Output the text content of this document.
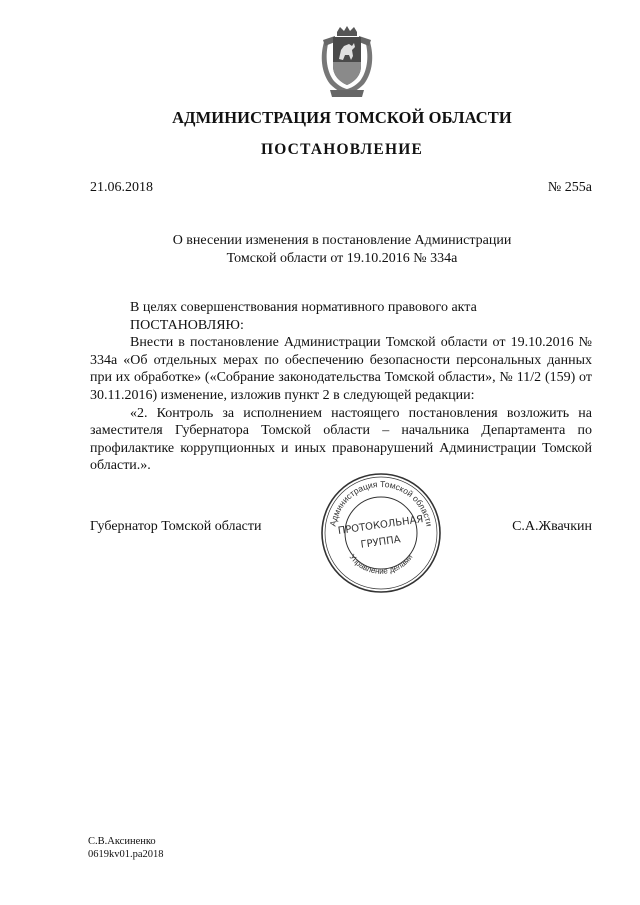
АДМИНИСТРАЦИЯ ТОМСКОЙ ОБЛАСТИ
ПОСТАНОВЛЕНИЕ
21.06.2018	№ 255а
О внесении изменения в постановление Администрации
Томской области от 19.10.2016 № 334а

В целях совершенствования нормативного правового акта

ПОСТАНОВЛЯЮ:

Внести в постановление Администрации Томской области от 19.10.2016 № 334а «Об отдельных мерах по обеспечению безопасности персональных данных при их обработке» («Собрание законодательства Томской области», № 11/2 (159) от 30.11.2016) изменение, изложив пункт 2 в следующей редакции:

«2. Контроль за исполнением настоящего постановления возложить на заместителя Губернатора Томской области – начальника Департамента по профилактике коррупционных и иных правонарушений Администрации Томской области.».

Губернатор Томской области	С.А.Жвачкин
Администрация Томской области
Управление делами
ПРОТОКОЛЬНАЯ
ГРУППА
С.В.Аксиненко
0619kv01.pa2018
